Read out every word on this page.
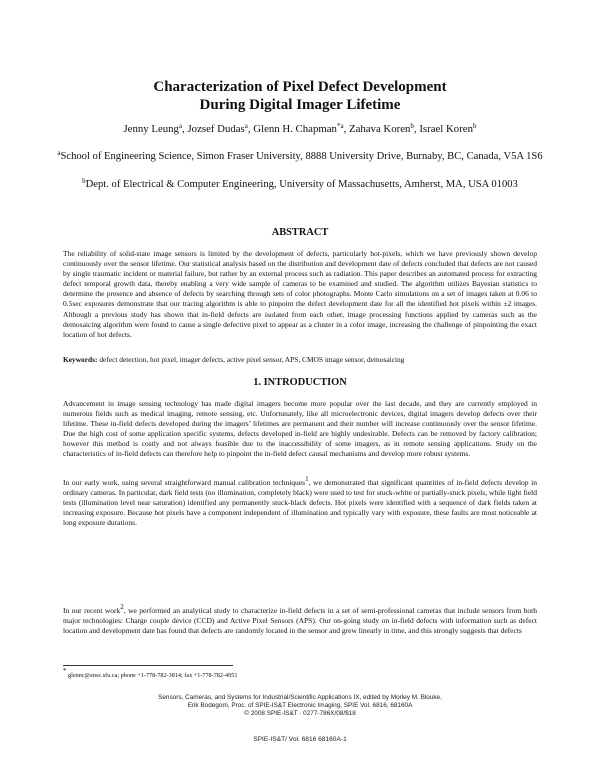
Characterization of Pixel Defect Development
During Digital Imager Lifetime
Jenny Leung$^a$, Jozsef Dudas$^a$, Glenn H. Chapman$^{*a}$, Zahava Koren$^b$, Israel Koren$^b$
$^a$School of Engineering Science, Simon Fraser University, 8888 University Drive, Burnaby, BC, Canada, V5A 1S6
$^b$Dept. of Electrical & Computer Engineering, University of Massachusetts, Amherst, MA, USA 01003
ABSTRACT
The reliability of solid-state image sensors is limited by the development of defects, particularly hot-pixels, which we have previously shown develop continuously over the sensor lifetime. Our statistical analysis based on the distribution and development date of defects concluded that defects are not caused by single traumatic incident or material failure, but rather by an external process such as radiation. This paper describes an automated process for extracting defect temporal growth data, thereby enabling a very wide sample of cameras to be examined and studied. The algorithm utilizes Bayesian statistics to determine the presence and absence of defects by searching through sets of color photographs. Monte Carlo simulations on a set of images taken at 0.06 to 0.5sec exposures demonstrate that our tracing algorithm is able to pinpoint the defect development date for all the identified hot pixels within ±2 images. Although a previous study has shown that in-field defects are isolated from each other, image processing functions applied by cameras such as the demosaicing algorithm were found to cause a single defective pixel to appear as a cluster in a color image, increasing the challenge of pinpointing the exact location of hot defects.
Keywords: defect detection, hot pixel, imager defects, active pixel sensor, APS, CMOS image sensor, demosaicing
1. INTRODUCTION
Advancement in image sensing technology has made digital imagers become more popular over the last decade, and they are currently employed in numerous fields such as medical imaging, remote sensing, etc. Unfortunately, like all microelectronic devices, digital imagers develop defects over their lifetime. These in-field defects developed during the imagers’ lifetimes are permanent and their number will increase continuously over the sensor lifetime. Due the high cost of some application specific systems, defects developed in-field are highly undesirable. Defects can be removed by factory calibration; however this method is costly and not always feasible due to the inaccessibility of some imagers, as in remote sensing applications. Study on the characteristics of in-field defects can therefore help to pinpoint the in-field defect causal mechanisms and develop more robust systems.
In our early work, using several straightforward manual calibration techniques$^1$, we demonstrated that significant quantities of in-field defects develop in ordinary cameras. In particular, dark field tests (no illumination, completely black) were used to test for stuck-white or partially-stuck pixels, while light field tests (illumination level near saturation) identified any permanently stuck-black defects. Hot pixels were identified with a sequence of dark fields taken at increasing exposure. Because hot pixels have a component independent of illumination and typically vary with exposure, these faults are most noticeable at long exposure durations.
In our recent work$^2$, we performed an analytical study to characterize in-field defects in a set of semi-professional cameras that include sensors from both major technologies: Charge couple device (CCD) and Active Pixel Sensors (APS). Our on-going study on in-field defects with information such as defect location and development date has found that defects are randomly located in the sensor and grew linearly in time, and this strongly suggests that defects
* glennc@ensc.sfu.ca; phone +1-778-782-3814; fax +1-778-782-4951
Sensors, Cameras, and Systems for Industrial/Scientific Applications IX, edited by Morley M. Blouke,
Erik Bodegom, Proc. of SPIE-IS&T Electronic Imaging, SPIE Vol. 6816, 68160A
© 2008 SPIE-IS&T · 0277-786X/08/$18
SPIE-IS&T/ Vol. 6816 68160A-1
